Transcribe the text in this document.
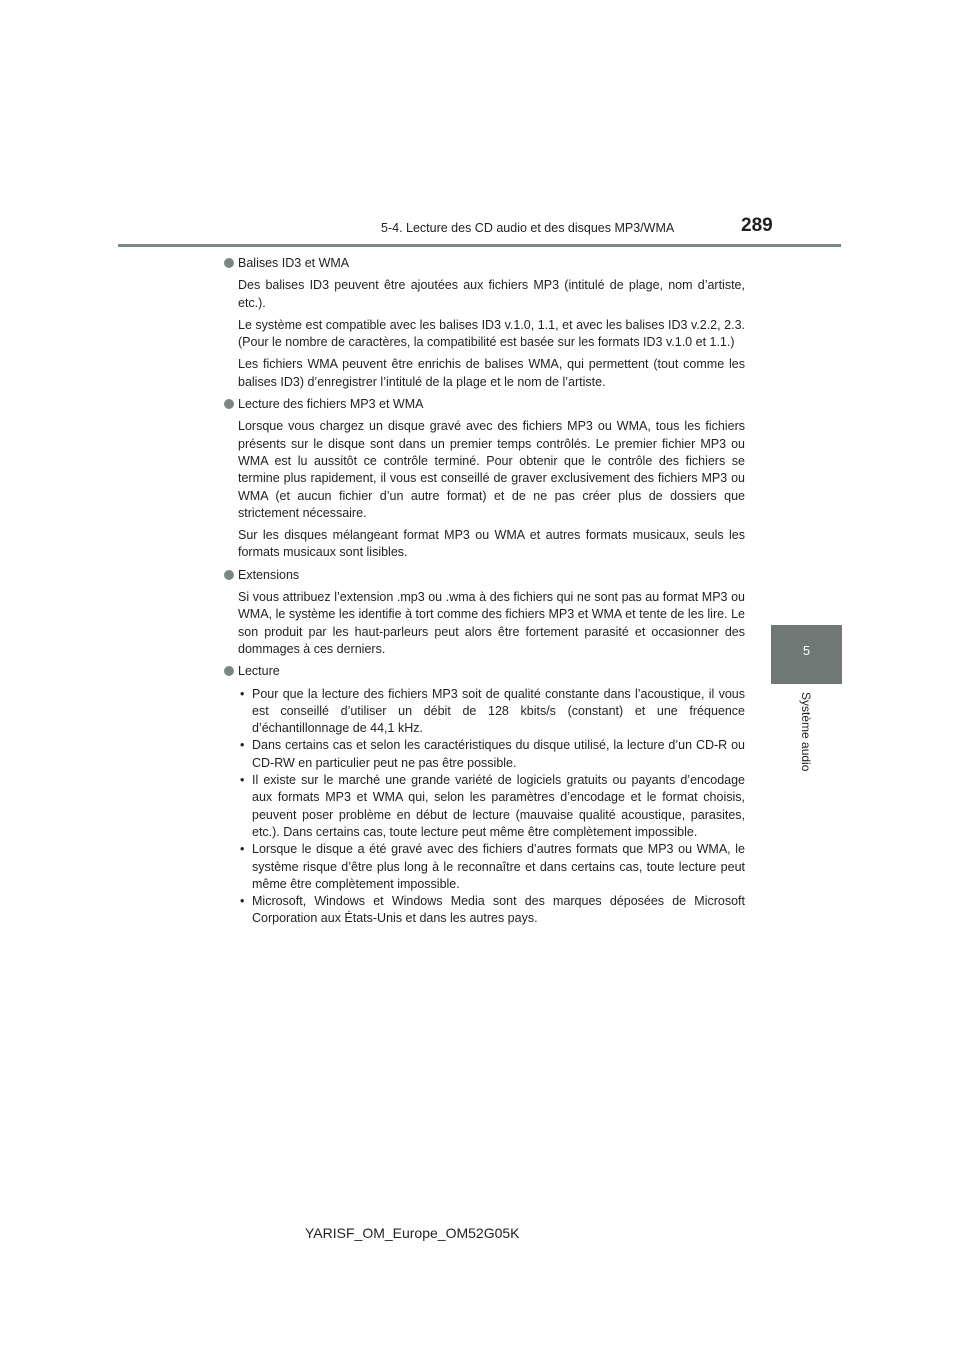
5-4. Lecture des CD audio et des disques MP3/WMA	289
5
Système audio
Balises ID3 et WMA

Des balises ID3 peuvent être ajoutées aux fichiers MP3 (intitulé de plage, nom d’artiste, etc.).

Le système est compatible avec les balises ID3 v.1.0, 1.1, et avec les balises ID3 v.2.2, 2.3. (Pour le nombre de caractères, la compatibilité est basée sur les formats ID3 v.1.0 et 1.1.)

Les fichiers WMA peuvent être enrichis de balises WMA, qui permettent (tout comme les balises ID3) d’enregistrer l’intitulé de la plage et le nom de l’artiste.

Lecture des fichiers MP3 et WMA

Lorsque vous chargez un disque gravé avec des fichiers MP3 ou WMA, tous les fichiers présents sur le disque sont dans un premier temps contrôlés. Le premier fichier MP3 ou WMA est lu aussitôt ce contrôle terminé. Pour obtenir que le contrôle des fichiers se termine plus rapidement, il vous est conseillé de graver exclusivement des fichiers MP3 ou WMA (et aucun fichier d’un autre format) et de ne pas créer plus de dossiers que strictement nécessaire.

Sur les disques mélangeant format MP3 ou WMA et autres formats musicaux, seuls les formats musicaux sont lisibles.

Extensions

Si vous attribuez l’extension .mp3 ou .wma à des fichiers qui ne sont pas au format MP3 ou WMA, le système les identifie à tort comme des fichiers MP3 et WMA et tente de les lire. Le son produit par les haut-parleurs peut alors être fortement parasité et occasionner des dommages à ces derniers.

Lecture
• Pour que la lecture des fichiers MP3 soit de qualité constante dans l’acoustique, il vous est conseillé d’utiliser un débit de 128 kbits/s (constant) et une fréquence d’échantillonnage de 44,1 kHz.
• Dans certains cas et selon les caractéristiques du disque utilisé, la lecture d’un CD-R ou CD-RW en particulier peut ne pas être possible.
• Il existe sur le marché une grande variété de logiciels gratuits ou payants d’encodage aux formats MP3 et WMA qui, selon les paramètres d’encodage et le format choisis, peuvent poser problème en début de lecture (mauvaise qualité acoustique, parasites, etc.). Dans certains cas, toute lecture peut même être complètement impossible.
• Lorsque le disque a été gravé avec des fichiers d’autres formats que MP3 ou WMA, le système risque d’être plus long à le reconnaître et dans certains cas, toute lecture peut même être complètement impossible.
• Microsoft, Windows et Windows Media sont des marques déposées de Microsoft Corporation aux États-Unis et dans les autres pays.
YARISF_OM_Europe_OM52G05K
